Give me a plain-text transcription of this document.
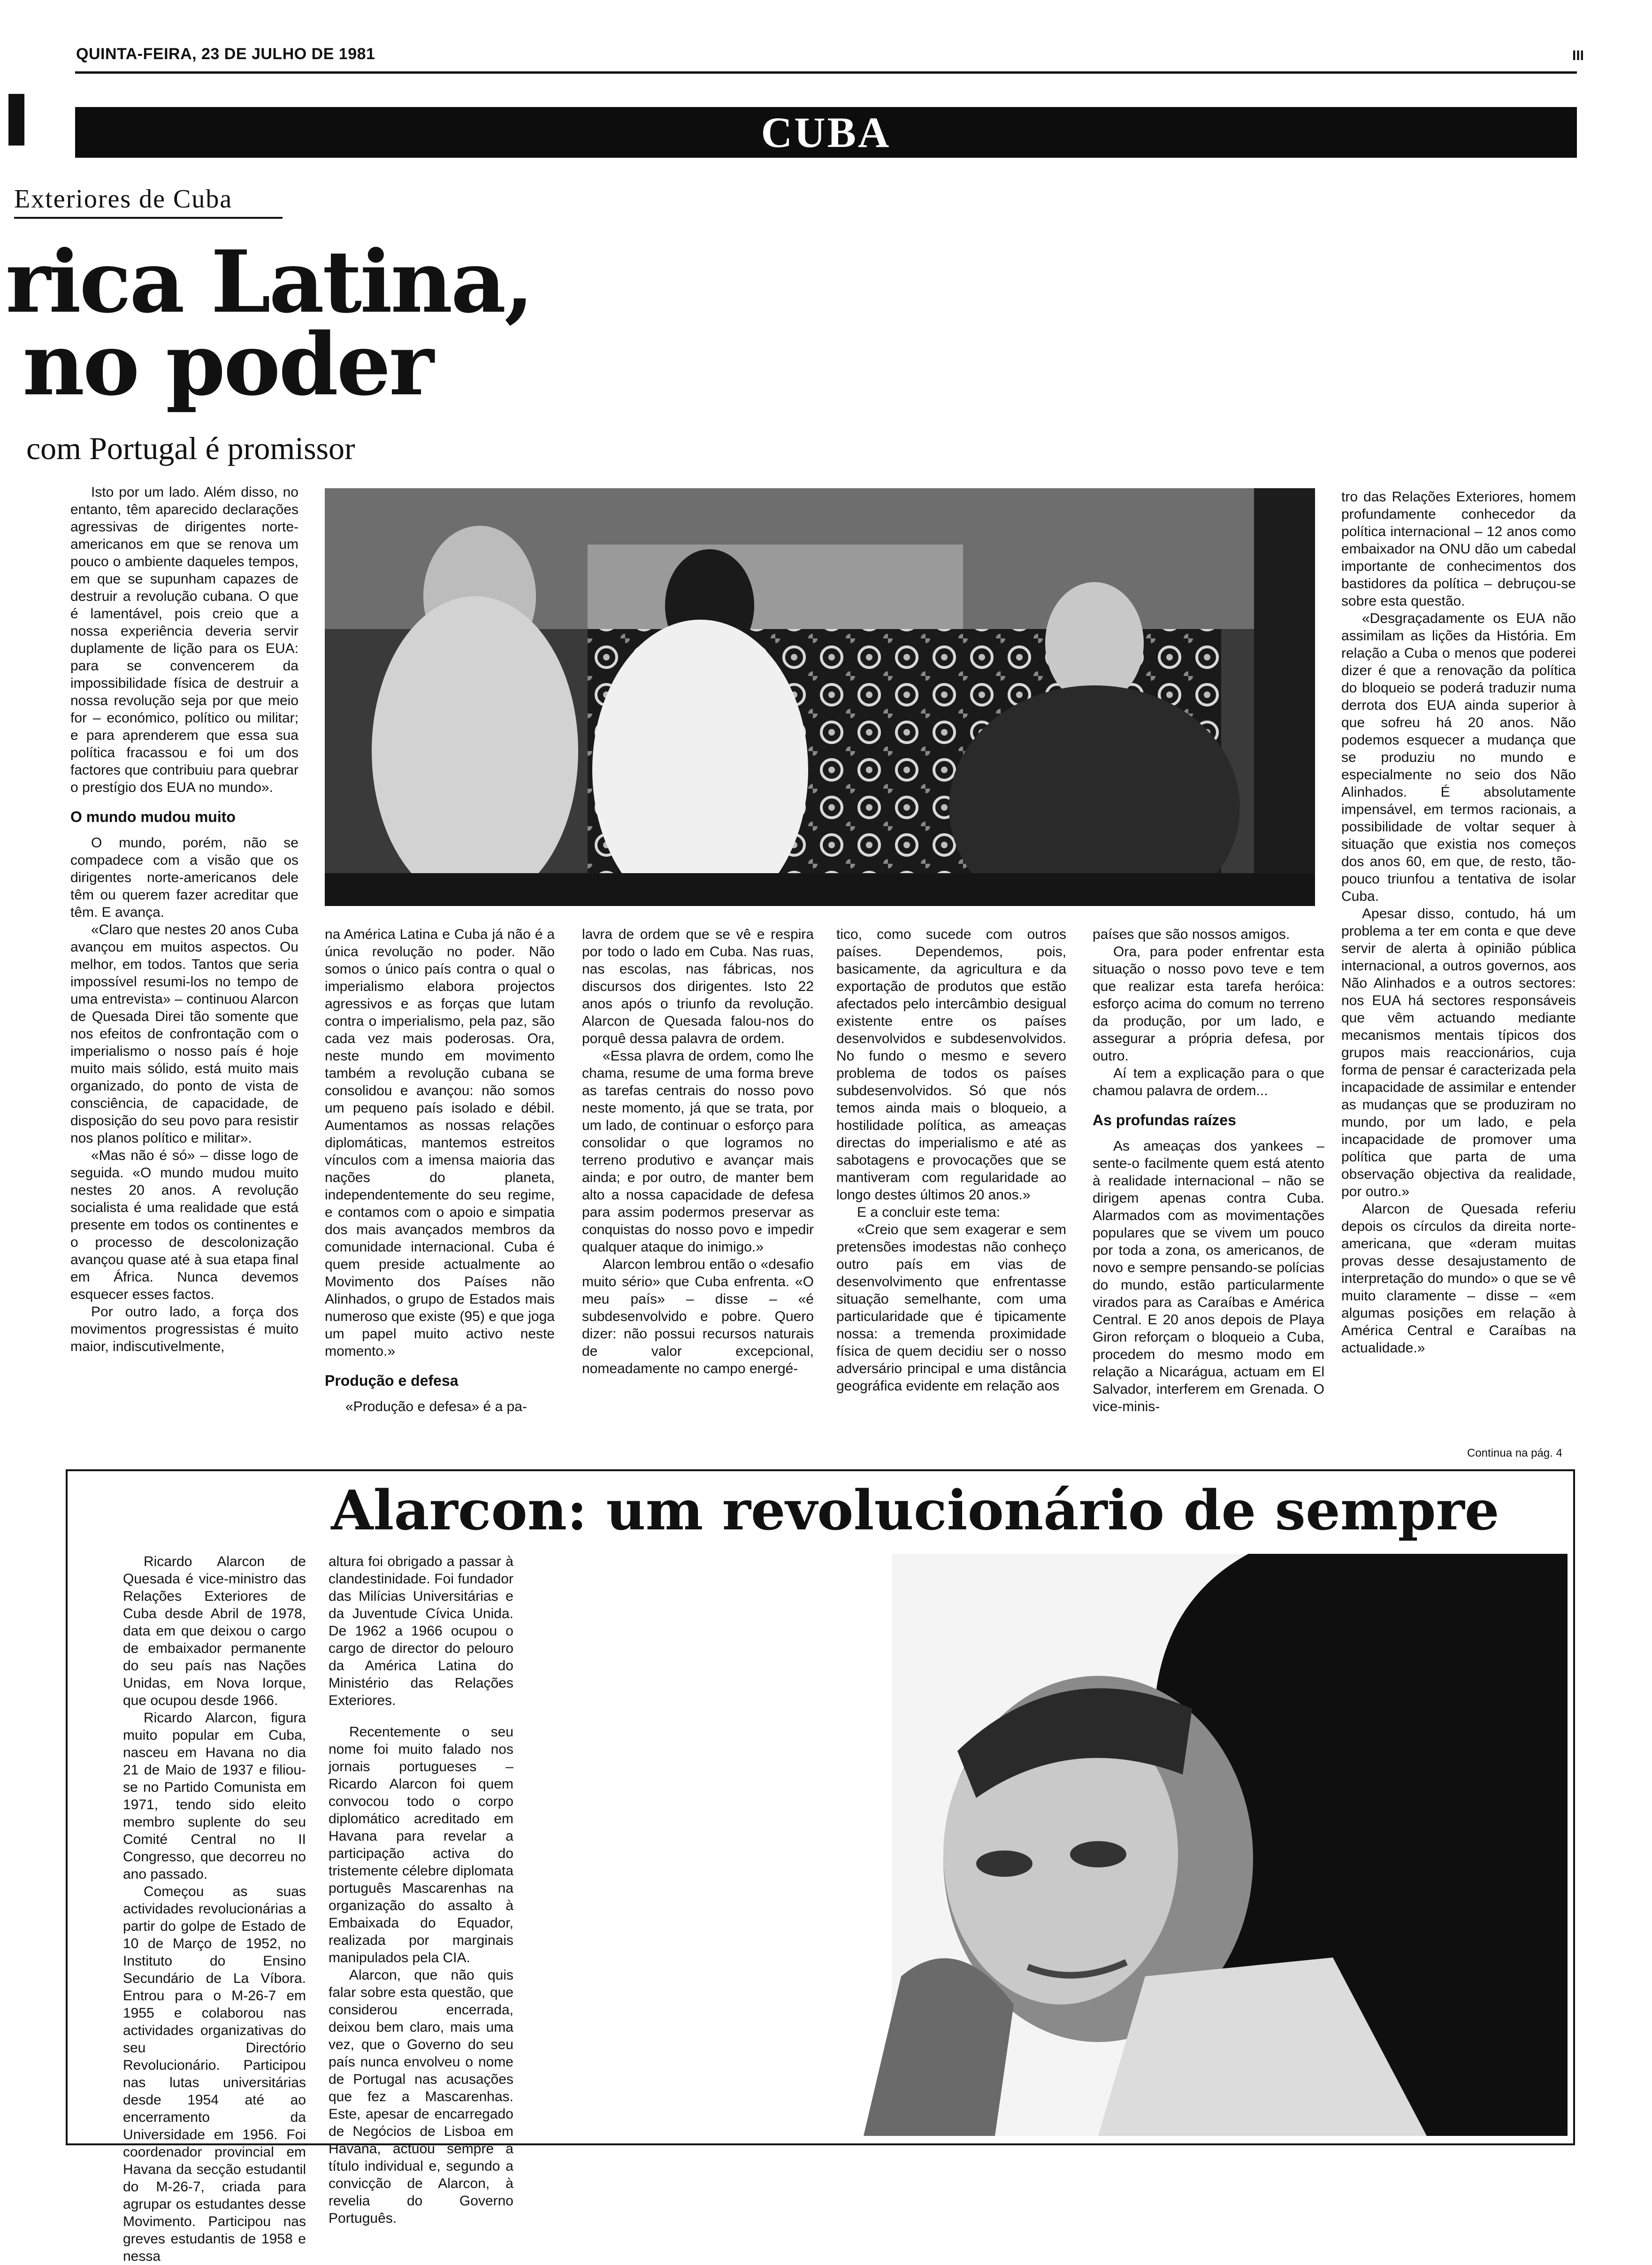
QUINTA-FEIRA, 23 DE JULHO DE 1981	III
CUBA
Exteriores de Cuba
rica Latina,
no poder
com Portugal é promissor

Isto por um lado. Além disso, no entanto, têm aparecido declarações agressivas de dirigentes norte-americanos em que se renova um pouco o ambiente daqueles tempos, em que se supunham capazes de destruir a revolução cubana. O que é lamentável, pois creio que a nossa experiência deveria servir duplamente de lição para os EUA: para se convencerem da impossibilidade física de destruir a nossa revolução seja por que meio for – económico, político ou militar; e para aprenderem que essa sua política fracassou e foi um dos factores que contribuiu para quebrar o prestígio dos EUA no mundo».

O mundo mudou muito

O mundo, porém, não se compadece com a visão que os dirigentes norte-americanos dele têm ou querem fazer acreditar que têm. E avança.

«Claro que nestes 20 anos Cuba avançou em muitos aspectos. Ou melhor, em todos. Tantos que seria impossível resumi-los no tempo de uma entrevista» – continuou Alarcon de Quesada Direi tão somente que nos efeitos de confrontação com o imperialismo o nosso país é hoje muito mais sólido, está muito mais organizado, do ponto de vista de consciência, de capacidade, de disposição do seu povo para resistir nos planos político e militar».

«Mas não é só» – disse logo de seguida. «O mundo mudou muito nestes 20 anos. A revolução socialista é uma realidade que está presente em todos os continentes e o processo de descolonização avançou quase até à sua etapa final em África. Nunca devemos esquecer esses factos.

Por outro lado, a força dos movimentos progressistas é muito maior, indiscutivelmente,

na América Latina e Cuba já não é a única revolução no poder. Não somos o único país contra o qual o imperialismo elabora projectos agressivos e as forças que lutam contra o imperialismo, pela paz, são cada vez mais poderosas. Ora, neste mundo em movimento também a revolução cubana se consolidou e avançou: não somos um pequeno país isolado e débil. Aumentamos as nossas relações diplomáticas, mantemos estreitos vínculos com a imensa maioria das nações do planeta, independentemente do seu regime, e contamos com o apoio e simpatia dos mais avançados membros da comunidade internacional. Cuba é quem preside actualmente ao Movimento dos Países não Alinhados, o grupo de Estados mais numeroso que existe (95) e que joga um papel muito activo neste momento.»

Produção e defesa

«Produção e defesa» é a pa-

lavra de ordem que se vê e respira por todo o lado em Cuba. Nas ruas, nas escolas, nas fábricas, nos discursos dos dirigentes. Isto 22 anos após o triunfo da revolução. Alarcon de Quesada falou-nos do porquê dessa palavra de ordem.

«Essa plavra de ordem, como lhe chama, resume de uma forma breve as tarefas centrais do nosso povo neste momento, já que se trata, por um lado, de continuar o esforço para consolidar o que logramos no terreno produtivo e avançar mais ainda; e por outro, de manter bem alto a nossa capacidade de defesa para assim podermos preservar as conquistas do nosso povo e impedir qualquer ataque do inimigo.»

Alarcon lembrou então o «desafio muito sério» que Cuba enfrenta. «O meu país» – disse – «é subdesenvolvido e pobre. Quero dizer: não possui recursos naturais de valor excepcional, nomeadamente no campo energé-

tico, como sucede com outros países. Dependemos, pois, basicamente, da agricultura e da exportação de produtos que estão afectados pelo intercâmbio desigual existente entre os países desenvolvidos e subdesenvolvidos. No fundo o mesmo e severo problema de todos os países subdesenvolvidos. Só que nós temos ainda mais o bloqueio, a hostilidade política, as ameaças directas do imperialismo e até as sabotagens e provocações que se mantiveram com regularidade ao longo destes últimos 20 anos.»

E a concluir este tema:

«Creio que sem exagerar e sem pretensões imodestas não conheço outro país em vias de desenvolvimento que enfrentasse situação semelhante, com uma particularidade que é tipicamente nossa: a tremenda proximidade física de quem decidiu ser o nosso adversário principal e uma distância geográfica evidente em relação aos

países que são nossos amigos.

Ora, para poder enfrentar esta situação o nosso povo teve e tem que realizar esta tarefa heróica: esforço acima do comum no terreno da produção, por um lado, e assegurar a própria defesa, por outro.

Aí tem a explicação para o que chamou palavra de ordem...

As profundas raízes

As ameaças dos yankees – sente-o facilmente quem está atento à realidade internacional – não se dirigem apenas contra Cuba. Alarmados com as movimentações populares que se vivem um pouco por toda a zona, os americanos, de novo e sempre pensando-se polícias do mundo, estão particularmente virados para as Caraíbas e América Central. E 20 anos depois de Playa Giron reforçam o bloqueio a Cuba, procedem do mesmo modo em relação a Nicarágua, actuam em El Salvador, interferem em Grenada. O vice-minis-

tro das Relações Exteriores, homem profundamente conhecedor da política internacional – 12 anos como embaixador na ONU dão um cabedal importante de conhecimentos dos bastidores da política – debruçou-se sobre esta questão.

«Desgraçadamente os EUA não assimilam as lições da História. Em relação a Cuba o menos que poderei dizer é que a renovação da política do bloqueio se poderá traduzir numa derrota dos EUA ainda superior à que sofreu há 20 anos. Não podemos esquecer a mudança que se produziu no mundo e especialmente no seio dos Não Alinhados. É absolutamente impensável, em termos racionais, a possibilidade de voltar sequer à situação que existia nos começos dos anos 60, em que, de resto, tão-pouco triunfou a tentativa de isolar Cuba.

Apesar disso, contudo, há um problema a ter em conta e que deve servir de alerta à opinião pública internacional, a outros governos, aos Não Alinhados e a outros sectores: nos EUA há sectores responsáveis que vêm actuando mediante mecanismos mentais típicos dos grupos mais reaccionários, cuja forma de pensar é caracterizada pela incapacidade de assimilar e entender as mudanças que se produziram no mundo, por um lado, e pela incapacidade de promover uma política que parta de uma observação objectiva da realidade, por outro.»

Alarcon de Quesada referiu depois os círculos da direita norte-americana, que «deram muitas provas desse desajustamento de interpretação do mundo» o que se vê muito claramente – disse – «em algumas posições em relação à América Central e Caraíbas na actualidade.»

Continua na pág. 4
Alarcon: um revolucionário de sempre

Ricardo Alarcon de Quesada é vice-ministro das Relações Exteriores de Cuba desde Abril de 1978, data em que deixou o cargo de embaixador permanente do seu país nas Nações Unidas, em Nova Iorque, que ocupou desde 1966.

Ricardo Alarcon, figura muito popular em Cuba, nasceu em Havana no dia 21 de Maio de 1937 e filiou-se no Partido Comunista em 1971, tendo sido eleito membro suplente do seu Comité Central no II Congresso, que decorreu no ano passado.

Começou as suas actividades revolucionárias a partir do golpe de Estado de 10 de Março de 1952, no Instituto do Ensino Secundário de La Víbora. Entrou para o M-26-7 em 1955 e colaborou nas actividades organizativas do seu Directório Revolucionário. Participou nas lutas universitárias desde 1954 até ao encerramento da Universidade em 1956. Foi coordenador provincial em Havana da secção estudantil do M-26-7, criada para agrupar os estudantes desse Movimento. Participou nas greves estudantis de 1958 e nessa

altura foi obrigado a passar à clandestinidade. Foi fundador das Milícias Universitárias e da Juventude Cívica Unida. De 1962 a 1966 ocupou o cargo de director do pelouro da América Latina do Ministério das Relações Exteriores.

Recentemente o seu nome foi muito falado nos jornais portugueses – Ricardo Alarcon foi quem convocou todo o corpo diplomático acreditado em Havana para revelar a participação activa do tristemente célebre diplomata português Mascarenhas na organização do assalto à Embaixada do Equador, realizada por marginais manipulados pela CIA.

Alarcon, que não quis falar sobre esta questão, que considerou encerrada, deixou bem claro, mais uma vez, que o Governo do seu país nunca envolveu o nome de Portugal nas acusações que fez a Mascarenhas. Este, apesar de encarregado de Negócios de Lisboa em Havana, actuou sempre a título individual e, segundo a convicção de Alarcon, à revelia do Governo Português.
